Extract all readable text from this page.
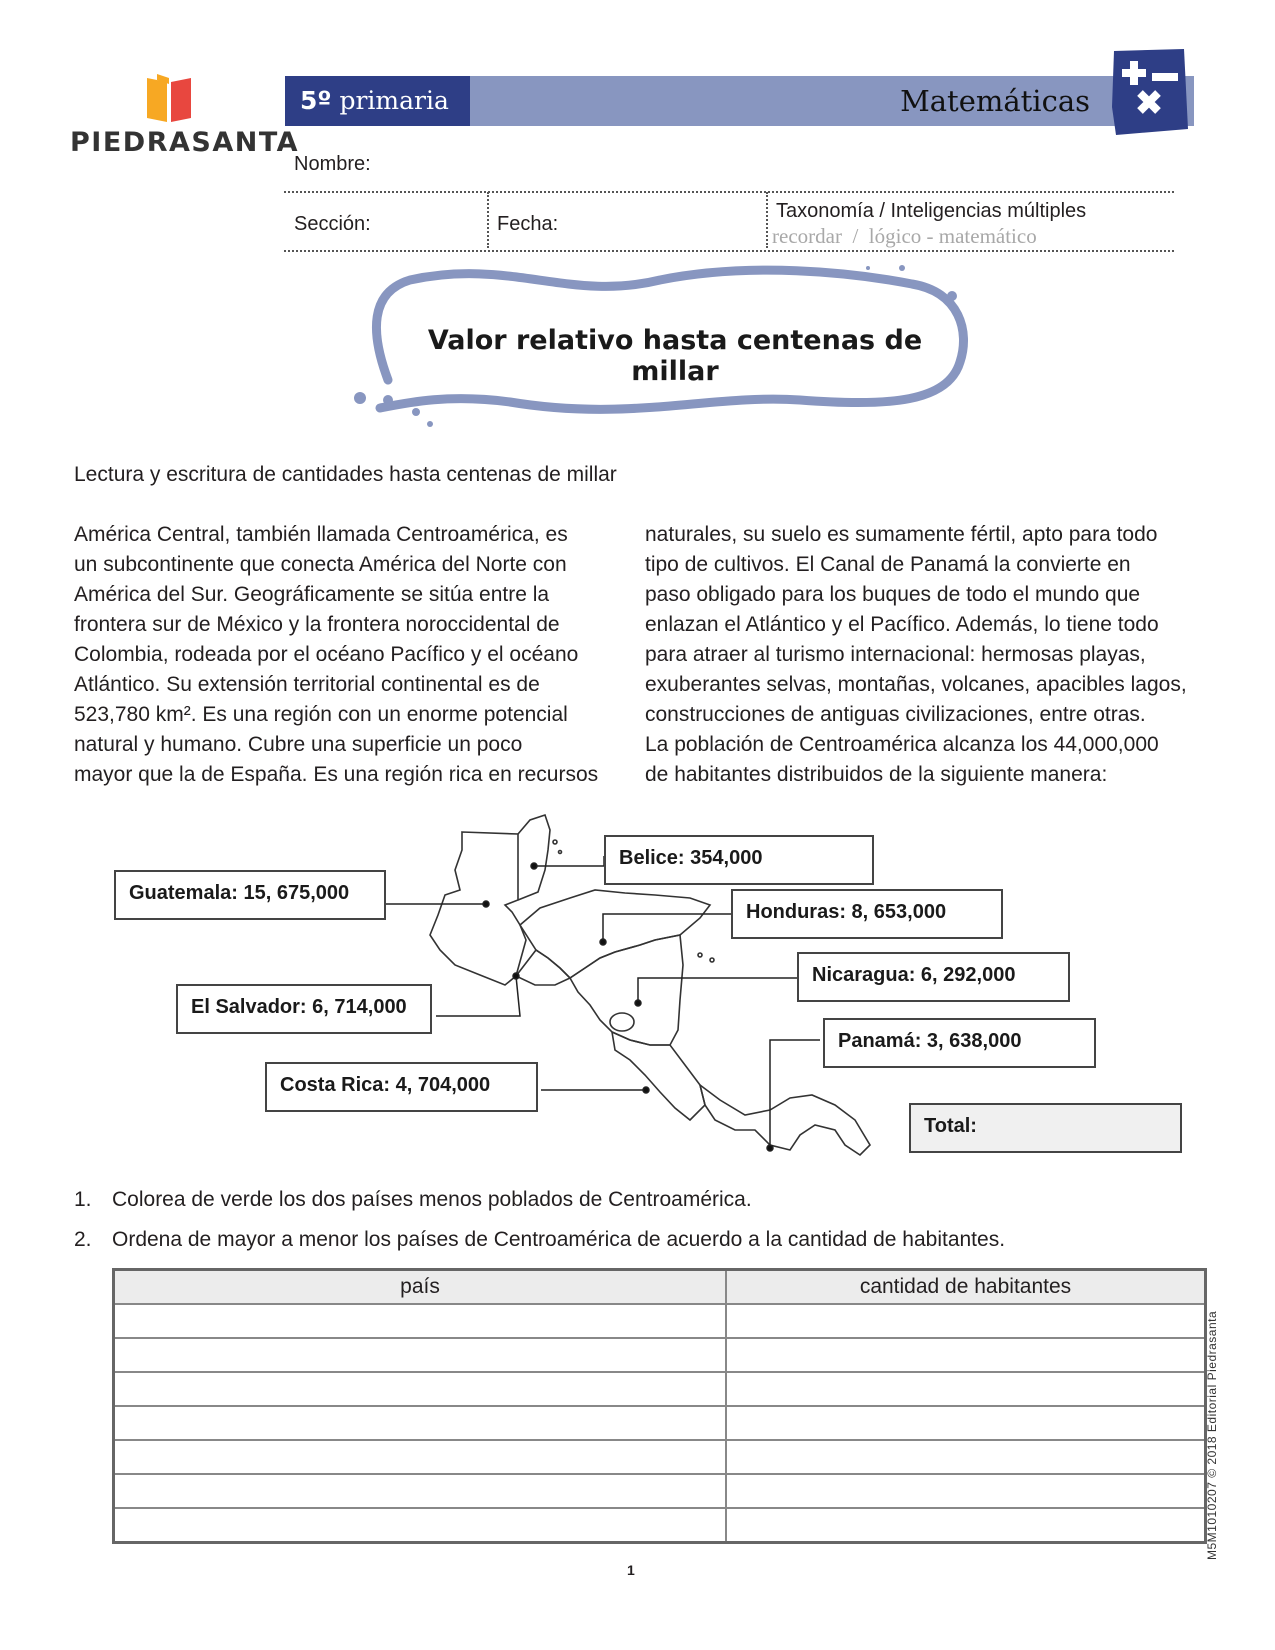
PIEDRASANTA
5º primaria	Matemáticas
Nombre:
Sección:	Fecha:
Taxonomía / Inteligencias múltiples
recordar  /  lógico - matemático
Valor relativo hasta centenas de millar
Lectura y escritura de cantidades hasta centenas de millar
América Central, también llamada Centroamérica, es
un subcontinente que conecta América del Norte con
América del Sur. Geográficamente se sitúa entre la
frontera sur de México y la frontera noroccidental de
Colombia, rodeada por el océano Pacífico y el océano
Atlántico. Su extensión territorial continental es de
523,780 km². Es una región con un enorme potencial
natural y humano. Cubre una superficie un poco
mayor que la de España. Es una región rica en recursos
naturales, su suelo es sumamente fértil, apto para todo
tipo de cultivos. El Canal de Panamá la convierte en
paso obligado para los buques de todo el mundo que
enlazan el Atlántico y el Pacífico. Además, lo tiene todo
para atraer al turismo internacional: hermosas playas,
exuberantes selvas, montañas, volcanes, apacibles lagos,
construcciones de antiguas civilizaciones, entre otras.
La población de Centroamérica alcanza los 44,000,000
de habitantes distribuidos de la siguiente manera:
Belice: 354,000
Guatemala: 15, 675,000
Honduras: 8, 653,000
Nicaragua: 6, 292,000
El Salvador: 6, 714,000
Panamá: 3, 638,000
Costa Rica: 4, 704,000
Total:
1. Colorea de verde los dos países menos poblados de Centroamérica.
2. Ordena de mayor a menor los países de Centroamérica de acuerdo a la cantidad de habitantes.
país	cantidad de habitantes

M5M1010207 © 2018 Editorial Piedrasanta
1
